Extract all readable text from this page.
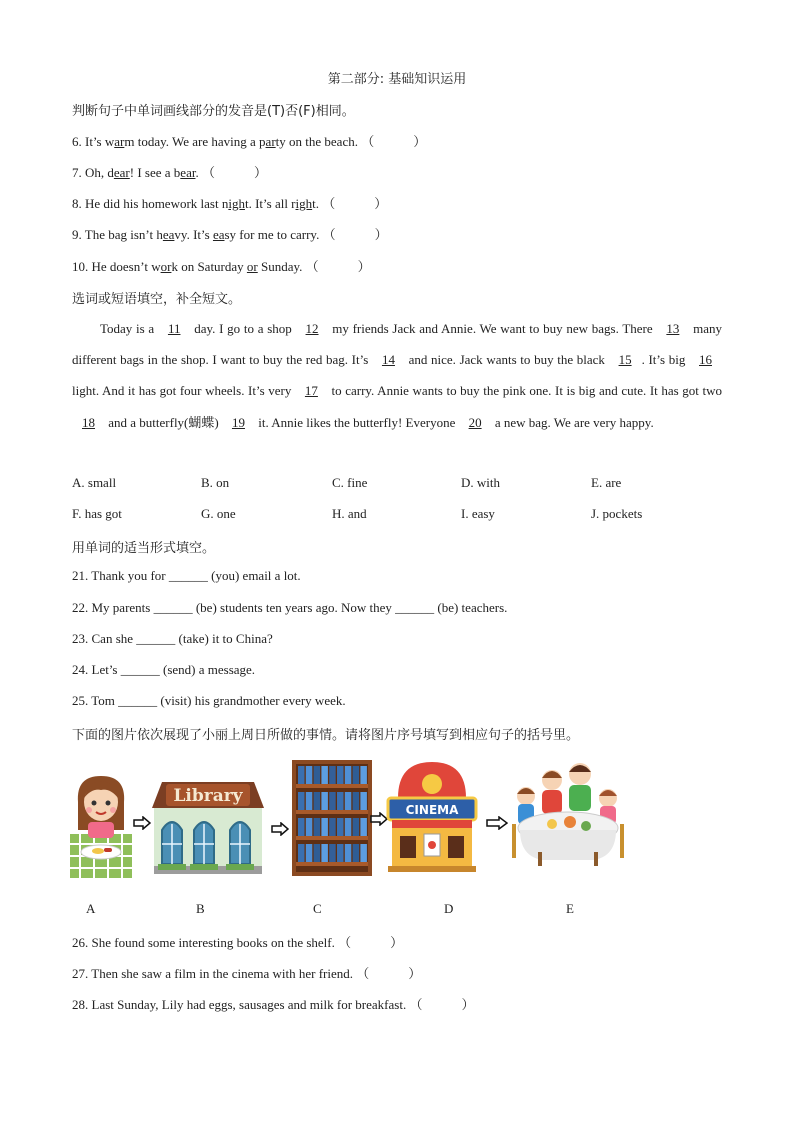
第二部分: 基础知识运用
判断句子中单词画线部分的发音是(T)否(F)相同。
6. It’s warm today. We are having a party on the beach. （　　　）
7. Oh, dear! I see a bear. （　　　）
8. He did his homework last night. It’s all right. （　　　）
9. The bag isn’t heavy. It’s easy for me to carry. （　　　）
10. He doesn’t work on Saturday or Sunday. （　　　）
选词或短语填空，补全短文。
Today is a 11 day. I go to a shop 12 my friends Jack and Annie. We want to buy new bags. There 13 many different bags in the shop. I want to buy the red bag. It’s 14 and nice. Jack wants to buy the black 15 . It’s big 16 light. And it has got four wheels. It’s very 17 to carry. Annie wants to buy the pink one. It is big and cute. It has got two 18 and a butterfly(蝴蝶) 19 it. Annie likes the butterfly! Everyone 20 a new bag. We are very happy.
A. small	B. on	C. fine	D. with	E. are
F. has got	G. one	H. and	I. easy	J. pockets
用单词的适当形式填空。
21. Thank you for ______ (you) email a lot.
22. My parents ______ (be) students ten years ago. Now they ______ (be) teachers.
23. Can she ______ (take) it to China?
24. Let’s ______ (send) a message.
25. Tom ______ (visit) his grandmother every week.
下面的图片依次展现了小丽上周日所做的事情。请将图片序号填写到相应句子的括号里。
Library
CINEMA
A	B	C	D	E
26. She found some interesting books on the shelf. （　　　）
27. Then she saw a film in the cinema with her friend. （　　　）
28. Last Sunday, Lily had eggs, sausages and milk for breakfast. （　　　）
